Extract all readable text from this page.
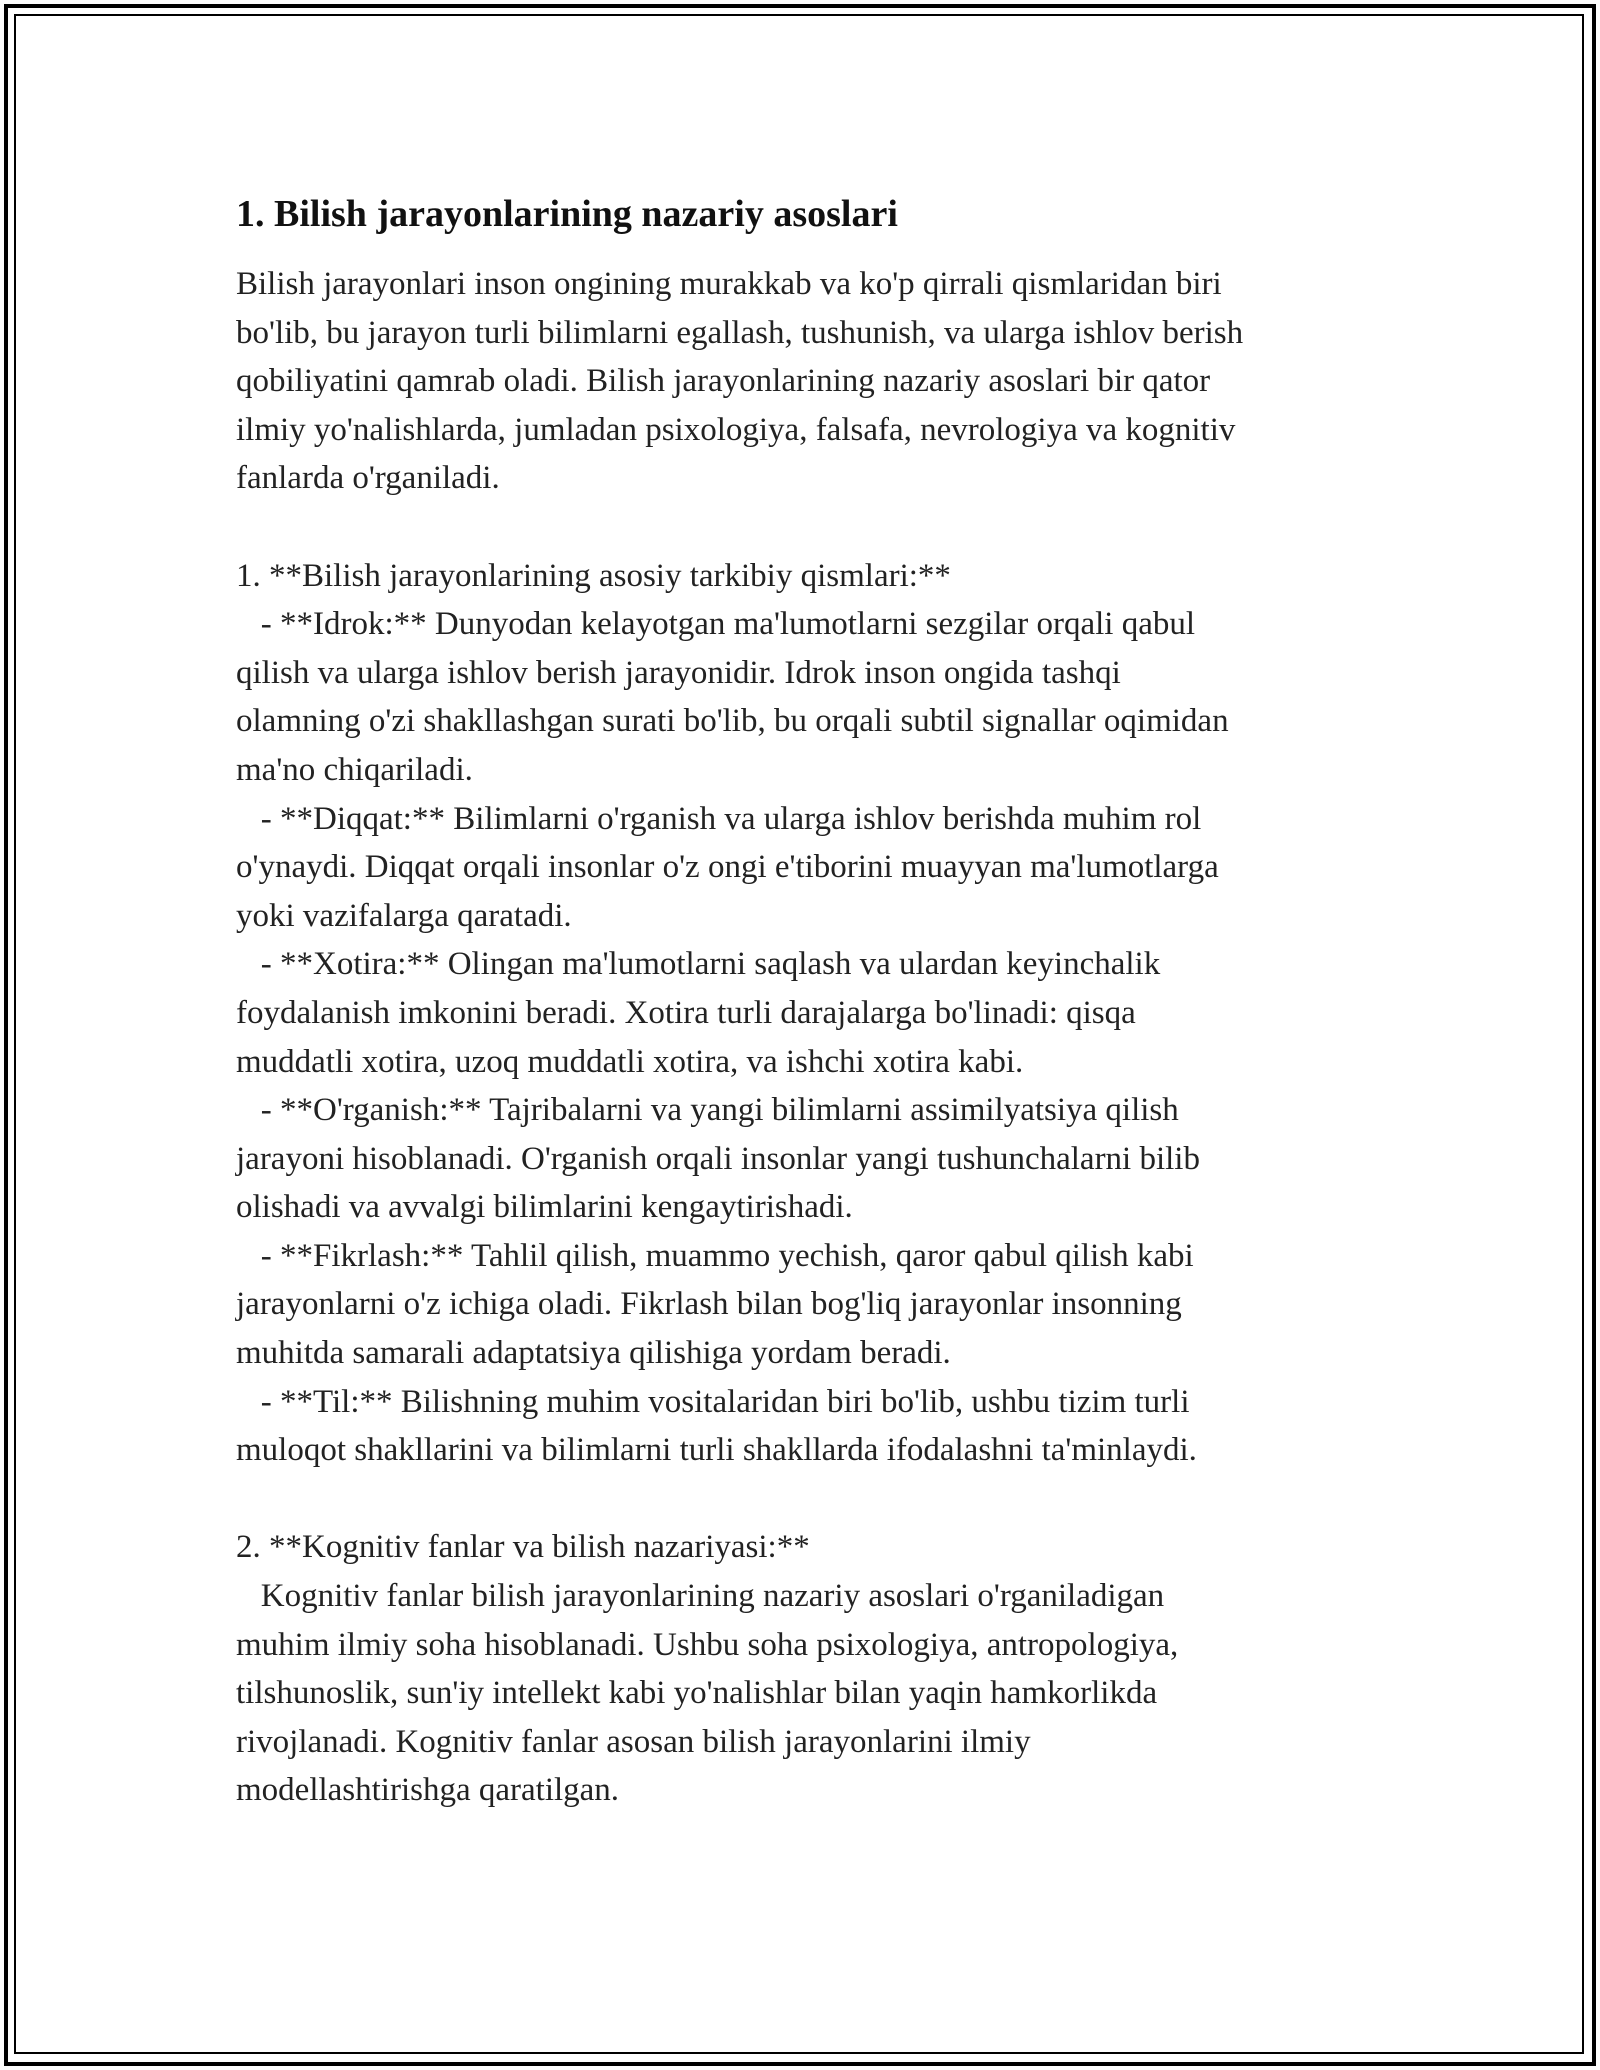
1. Bilish jarayonlarining nazariy asoslari
Bilish jarayonlari inson ongining murakkab va ko'p qirrali qismlaridan biri
bo'lib, bu jarayon turli bilimlarni egallash, tushunish, va ularga ishlov berish
qobiliyatini qamrab oladi. Bilish jarayonlarining nazariy asoslari bir qator
ilmiy yo'nalishlarda, jumladan psixologiya, falsafa, nevrologiya va kognitiv
fanlarda o'rganiladi.

1. **Bilish jarayonlarining asosiy tarkibiy qismlari:**
- **Idrok:** Dunyodan kelayotgan ma'lumotlarni sezgilar orqali qabul
qilish va ularga ishlov berish jarayonidir. Idrok inson ongida tashqi
olamning o'zi shakllashgan surati bo'lib, bu orqali subtil signallar oqimidan
ma'no chiqariladi.
- **Diqqat:** Bilimlarni o'rganish va ularga ishlov berishda muhim rol
o'ynaydi. Diqqat orqali insonlar o'z ongi e'tiborini muayyan ma'lumotlarga
yoki vazifalarga qaratadi.
- **Xotira:** Olingan ma'lumotlarni saqlash va ulardan keyinchalik
foydalanish imkonini beradi. Xotira turli darajalarga bo'linadi: qisqa
muddatli xotira, uzoq muddatli xotira, va ishchi xotira kabi.
- **O'rganish:** Tajribalarni va yangi bilimlarni assimilyatsiya qilish
jarayoni hisoblanadi. O'rganish orqali insonlar yangi tushunchalarni bilib
olishadi va avvalgi bilimlarini kengaytirishadi.
- **Fikrlash:** Tahlil qilish, muammo yechish, qaror qabul qilish kabi
jarayonlarni o'z ichiga oladi. Fikrlash bilan bog'liq jarayonlar insonning
muhitda samarali adaptatsiya qilishiga yordam beradi.
- **Til:** Bilishning muhim vositalaridan biri bo'lib, ushbu tizim turli
muloqot shakllarini va bilimlarni turli shakllarda ifodalashni ta'minlaydi.

2. **Kognitiv fanlar va bilish nazariyasi:**
Kognitiv fanlar bilish jarayonlarining nazariy asoslari o'rganiladigan
muhim ilmiy soha hisoblanadi. Ushbu soha psixologiya, antropologiya,
tilshunoslik, sun'iy intellekt kabi yo'nalishlar bilan yaqin hamkorlikda
rivojlanadi. Kognitiv fanlar asosan bilish jarayonlarini ilmiy
modellashtirishga qaratilgan.
